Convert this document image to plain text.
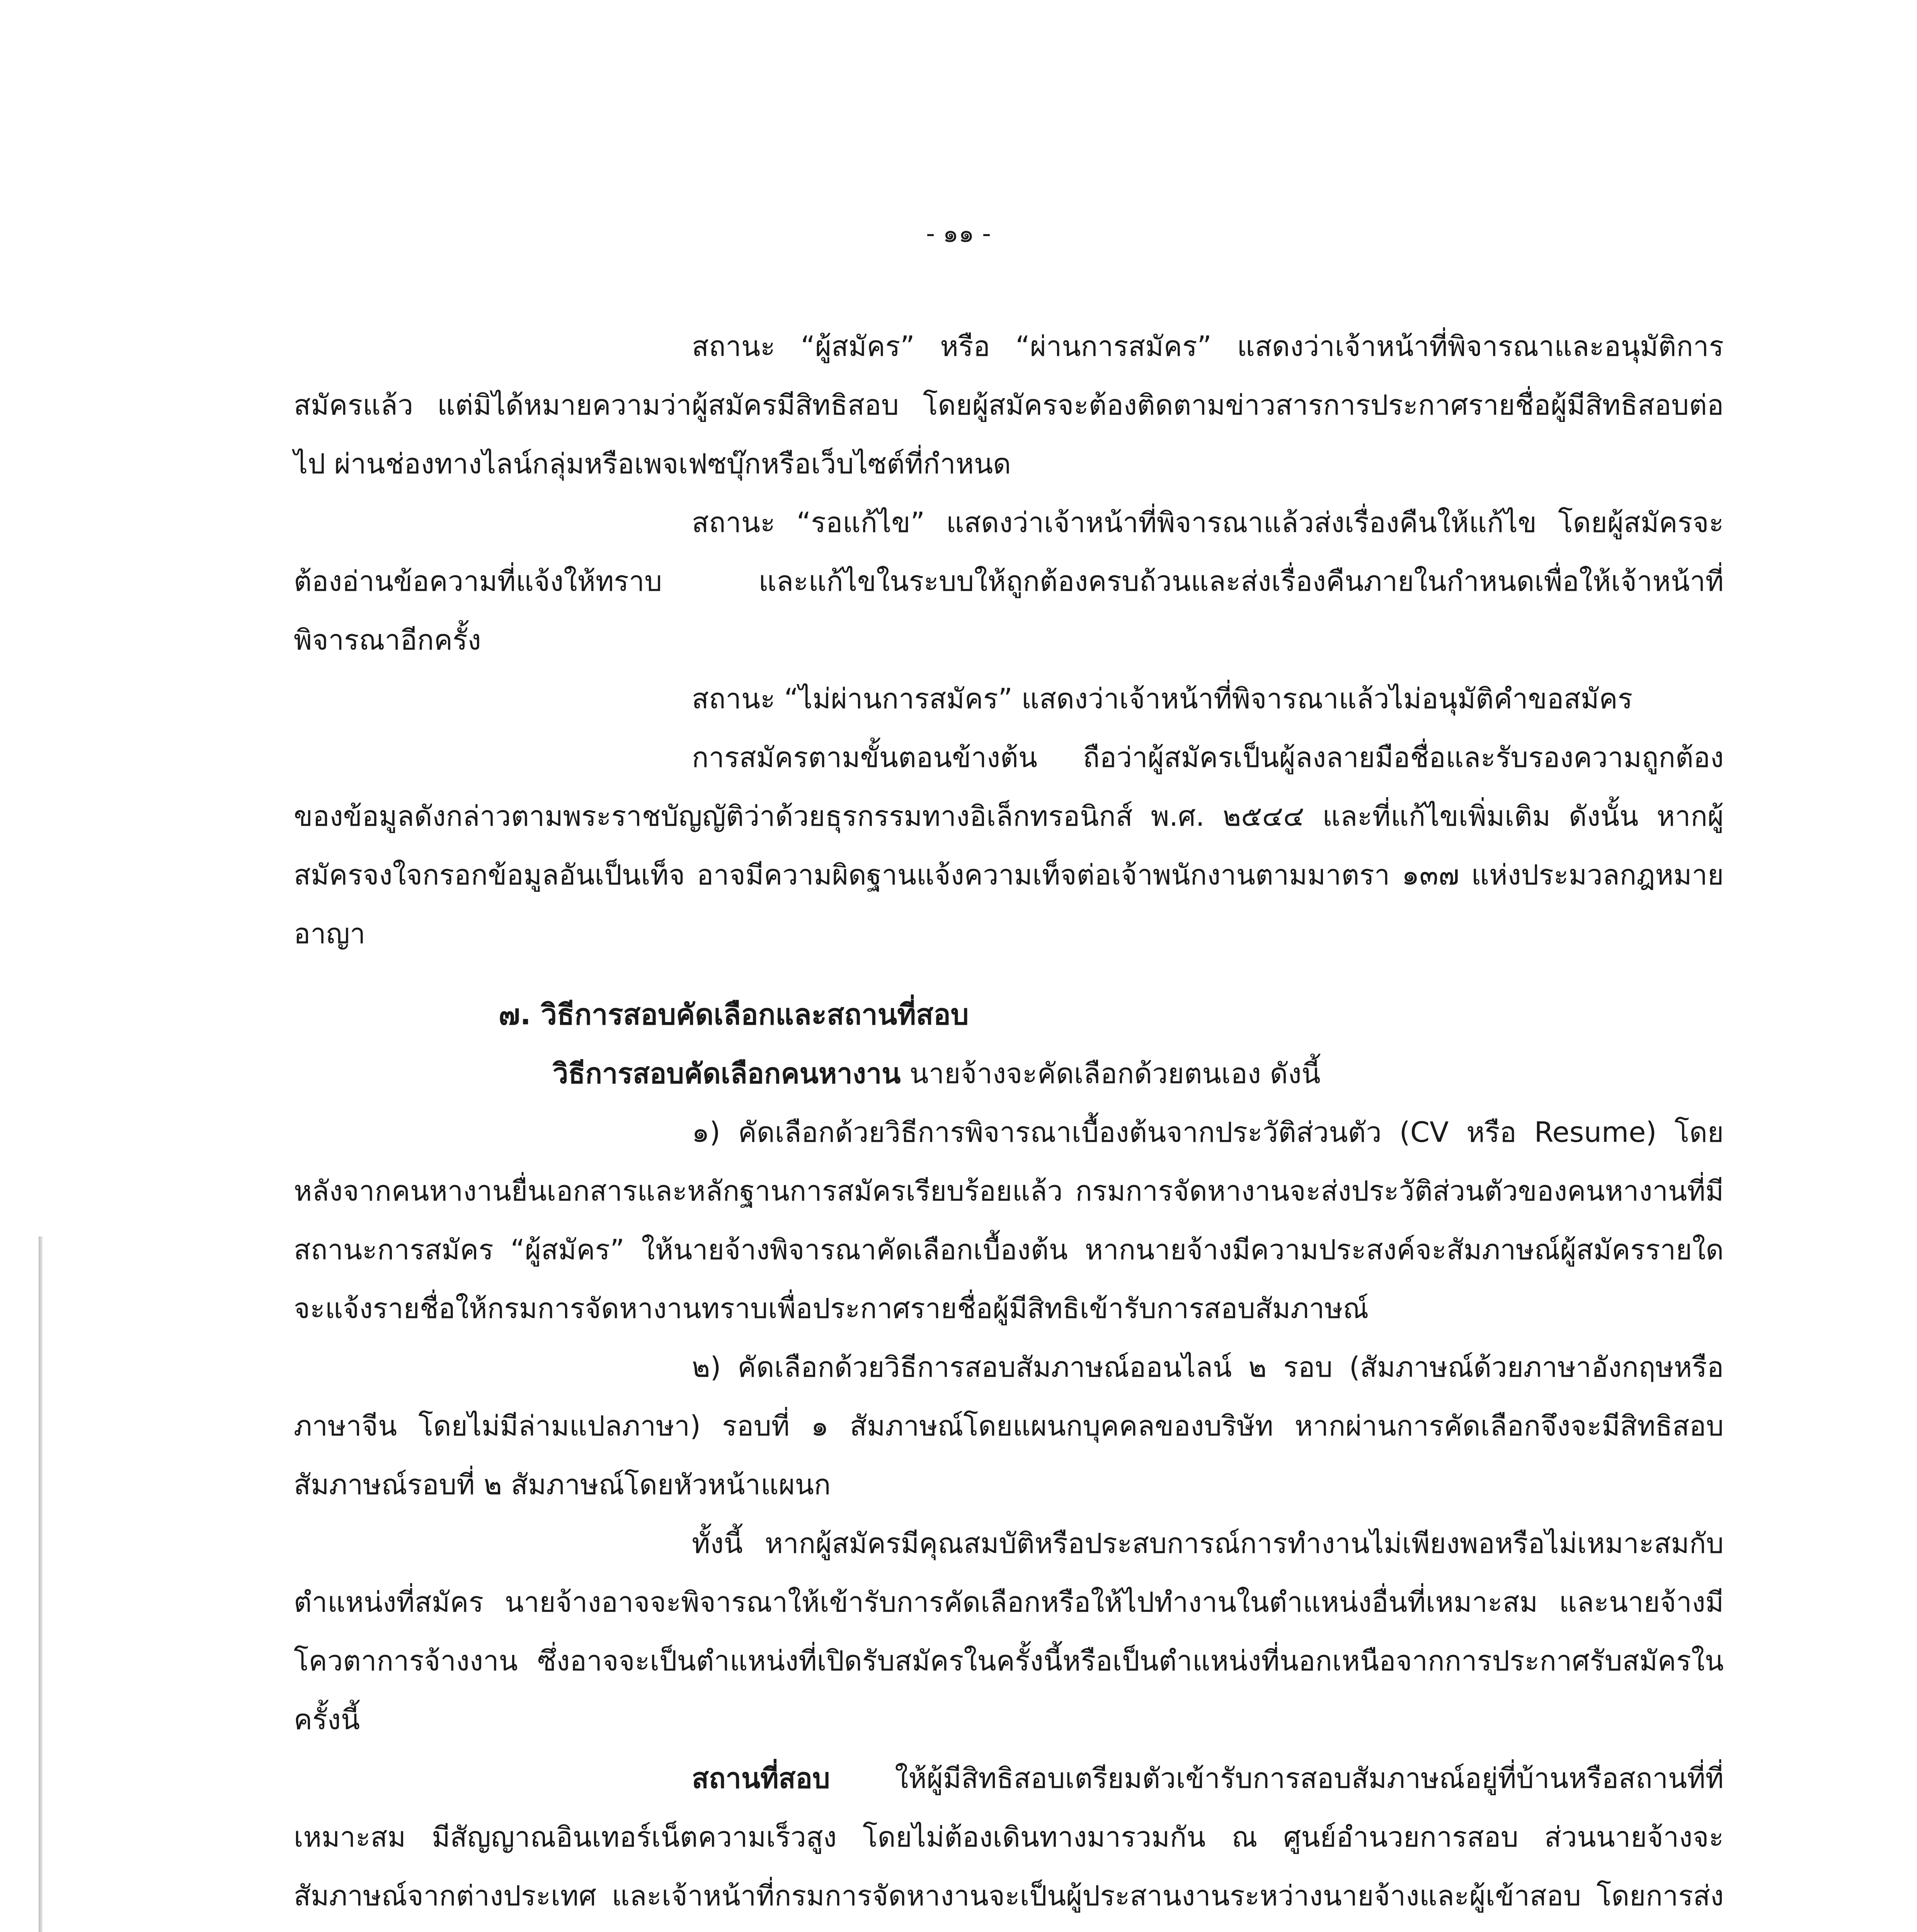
- ๑๑ -

สถานะ “ผู้สมัคร” หรือ “ผ่านการสมัคร” แสดงว่าเจ้าหน้าที่พิจารณาและอนุมัติการสมัครแล้ว แต่มิได้หมายความว่าผู้สมัครมีสิทธิสอบ โดยผู้สมัครจะต้องติดตามข่าวสารการประกาศรายชื่อผู้มีสิทธิสอบต่อไป ผ่านช่องทางไลน์กลุ่มหรือเพจเฟซบุ๊กหรือเว็บไซต์ที่กำหนด

สถานะ “รอแก้ไข” แสดงว่าเจ้าหน้าที่พิจารณาแล้วส่งเรื่องคืนให้แก้ไข โดยผู้สมัครจะต้องอ่านข้อความที่แจ้งให้ทราบ และแก้ไขในระบบให้ถูกต้องครบถ้วนและส่งเรื่องคืนภายในกำหนดเพื่อให้เจ้าหน้าที่พิจารณาอีกครั้ง

สถานะ “ไม่ผ่านการสมัคร” แสดงว่าเจ้าหน้าที่พิจารณาแล้วไม่อนุมัติคำขอสมัคร

การสมัครตามขั้นตอนข้างต้น ถือว่าผู้สมัครเป็นผู้ลงลายมือชื่อและรับรองความถูกต้องของข้อมูลดังกล่าวตามพระราชบัญญัติว่าด้วยธุรกรรมทางอิเล็กทรอนิกส์ พ.ศ. ๒๕๔๔ และที่แก้ไขเพิ่มเติม ดังนั้น หากผู้สมัครจงใจกรอกข้อมูลอันเป็นเท็จ อาจมีความผิดฐานแจ้งความเท็จต่อเจ้าพนักงานตามมาตรา ๑๓๗ แห่งประมวลกฎหมายอาญา

๗. วิธีการสอบคัดเลือกและสถานที่สอบ

วิธีการสอบคัดเลือกคนหางาน นายจ้างจะคัดเลือกด้วยตนเอง ดังนี้

๑) คัดเลือกด้วยวิธีการพิจารณาเบื้องต้นจากประวัติส่วนตัว (CV หรือ Resume) โดยหลังจากคนหางานยื่นเอกสารและหลักฐานการสมัครเรียบร้อยแล้ว กรมการจัดหางานจะส่งประวัติส่วนตัวของคนหางานที่มีสถานะการสมัคร “ผู้สมัคร” ให้นายจ้างพิจารณาคัดเลือกเบื้องต้น หากนายจ้างมีความประสงค์จะสัมภาษณ์ผู้สมัครรายใด จะแจ้งรายชื่อให้กรมการจัดหางานทราบเพื่อประกาศรายชื่อผู้มีสิทธิเข้ารับการสอบสัมภาษณ์

๒) คัดเลือกด้วยวิธีการสอบสัมภาษณ์ออนไลน์ ๒ รอบ (สัมภาษณ์ด้วยภาษาอังกฤษหรือภาษาจีน โดยไม่มีล่ามแปลภาษา) รอบที่ ๑ สัมภาษณ์โดยแผนกบุคคลของบริษัท หากผ่านการคัดเลือกจึงจะมีสิทธิสอบสัมภาษณ์รอบที่ ๒ สัมภาษณ์โดยหัวหน้าแผนก

ทั้งนี้ หากผู้สมัครมีคุณสมบัติหรือประสบการณ์การทำงานไม่เพียงพอหรือไม่เหมาะสมกับตำแหน่งที่สมัคร นายจ้างอาจจะพิจารณาให้เข้ารับการคัดเลือกหรือให้ไปทำงานในตำแหน่งอื่นที่เหมาะสม และนายจ้างมีโควตาการจ้างงาน ซึ่งอาจจะเป็นตำแหน่งที่เปิดรับสมัครในครั้งนี้หรือเป็นตำแหน่งที่นอกเหนือจากการประกาศรับสมัครในครั้งนี้

สถานที่สอบ ให้ผู้มีสิทธิสอบเตรียมตัวเข้ารับการสอบสัมภาษณ์อยู่ที่บ้านหรือสถานที่ที่เหมาะสม มีสัญญาณอินเทอร์เน็ตความเร็วสูง โดยไม่ต้องเดินทางมารวมกัน ณ ศูนย์อำนวยการสอบ ส่วนนายจ้างจะสัมภาษณ์จากต่างประเทศ และเจ้าหน้าที่กรมการจัดหางานจะเป็นผู้ประสานงานระหว่างนายจ้างและผู้เข้าสอบ โดยการส่ง
